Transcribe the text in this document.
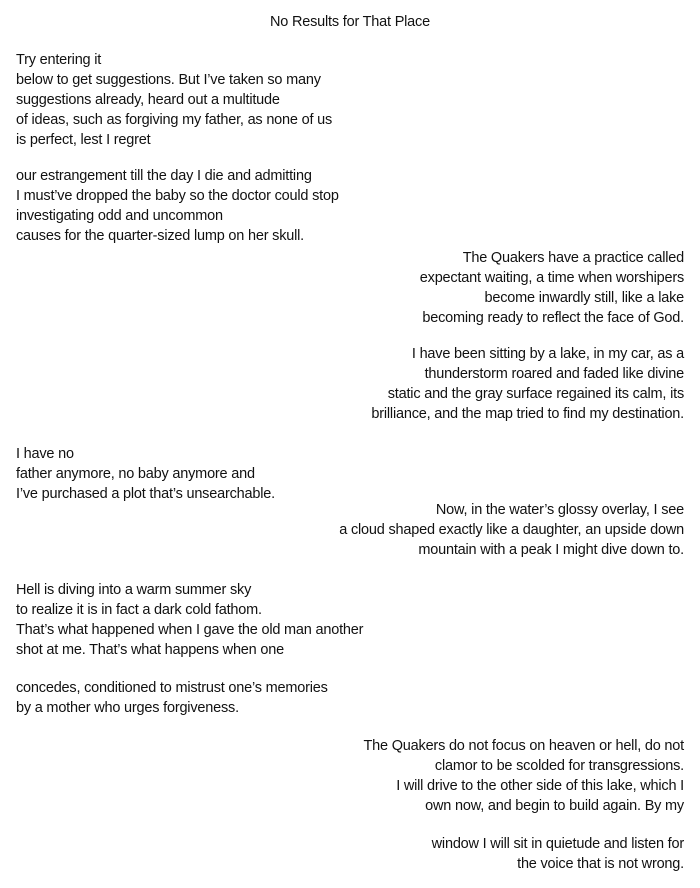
No Results for That Place
Try entering it
below to get suggestions. But I’ve taken so many
suggestions already, heard out a multitude
of ideas, such as forgiving my father, as none of us
is perfect, lest I regret
our estrangement till the day I die and admitting
I must’ve dropped the baby so the doctor could stop
investigating odd and uncommon
causes for the quarter-sized lump on her skull.
The Quakers have a practice called
expectant waiting, a time when worshipers
become inwardly still, like a lake
becoming ready to reflect the face of God.
I have been sitting by a lake, in my car, as a
thunderstorm roared and faded like divine
static and the gray surface regained its calm, its
brilliance, and the map tried to find my destination.
I have no
father anymore, no baby anymore and
I’ve purchased a plot that’s unsearchable.
Now, in the water’s glossy overlay, I see
a cloud shaped exactly like a daughter, an upside down
mountain with a peak I might dive down to.
Hell is diving into a warm summer sky
to realize it is in fact a dark cold fathom.
That’s what happened when I gave the old man another
shot at me. That’s what happens when one
concedes, conditioned to mistrust one’s memories
by a mother who urges forgiveness.
The Quakers do not focus on heaven or hell, do not
clamor to be scolded for transgressions.
I will drive to the other side of this lake, which I
own now, and begin to build again. By my
window I will sit in quietude and listen for
the voice that is not wrong.
